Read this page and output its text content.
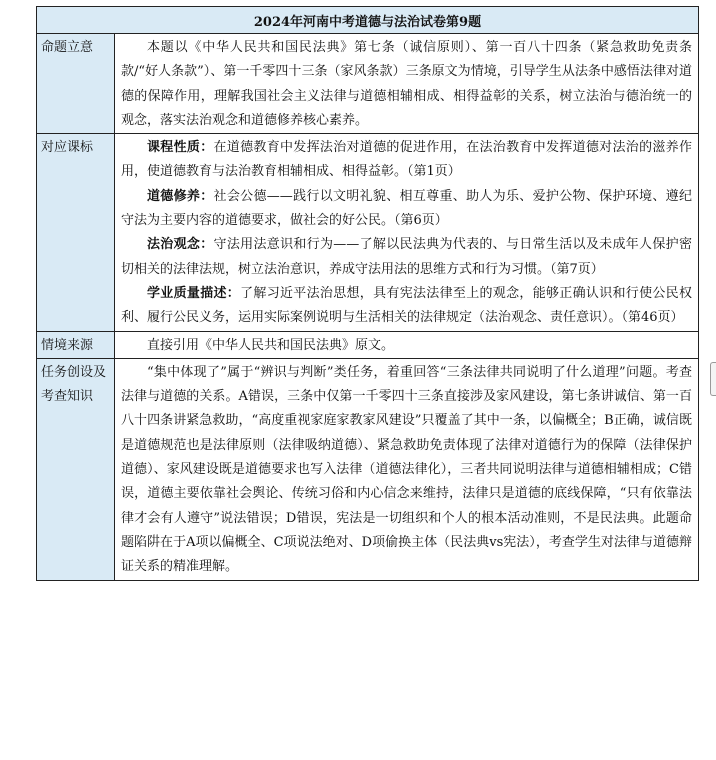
2024年河南中考道德与法治试卷第9题	
命题立意	本题以《中华人民共和国民法典》第七条（诚信原则）、第一百八十四条（紧急救助免责条款/“好人条款”）、第一千零四十三条（家风条款）三条原文为情境，引导学生从法条中感悟法律对道德的保障作用，理解我国社会主义法律与道德相辅相成、相得益彰的关系，树立法治与德治统一的观念，落实法治观念和道德修养核心素养。

对应课标	课程性质：在道德教育中发挥法治对道德的促进作用，在法治教育中发挥道德对法治的滋养作用，使道德教育与法治教育相辅相成、相得益彰。（第1页）

道德修养：社会公德——践行以文明礼貌、相互尊重、助人为乐、爱护公物、保护环境、遵纪守法为主要内容的道德要求，做社会的好公民。（第6页）

法治观念：守法用法意识和行为——了解以民法典为代表的、与日常生活以及未成年人保护密切相关的法律法规，树立法治意识，养成守法用法的思维方式和行为习惯。（第7页）

学业质量描述：了解习近平法治思想，具有宪法法律至上的观念，能够正确认识和行使公民权利、履行公民义务，运用实际案例说明与生活相关的法律规定（法治观念、责任意识）。（第46页）

情境来源	直接引用《中华人民共和国民法典》原文。

任务创设及考查知识	“集中体现了”属于“辨识与判断”类任务，着重回答“三条法律共同说明了什么道理”问题。考查法律与道德的关系。A错误，三条中仅第一千零四十三条直接涉及家风建设，第七条讲诚信、第一百八十四条讲紧急救助，“高度重视家庭家教家风建设”只覆盖了其中一条，以偏概全；B正确，诚信既是道德规范也是法律原则（法律吸纳道德）、紧急救助免责体现了法律对道德行为的保障（法律保护道德）、家风建设既是道德要求也写入法律（道德法律化），三者共同说明法律与道德相辅相成；C错误，道德主要依靠社会舆论、传统习俗和内心信念来维持，法律只是道德的底线保障，“只有依靠法律才会有人遵守”说法错误；D错误，宪法是一切组织和个人的根本活动准则，不是民法典。此题命题陷阱在于A项以偏概全、C项说法绝对、D项偷换主体（民法典vs宪法），考查学生对法律与道德辩证关系的精准理解。
